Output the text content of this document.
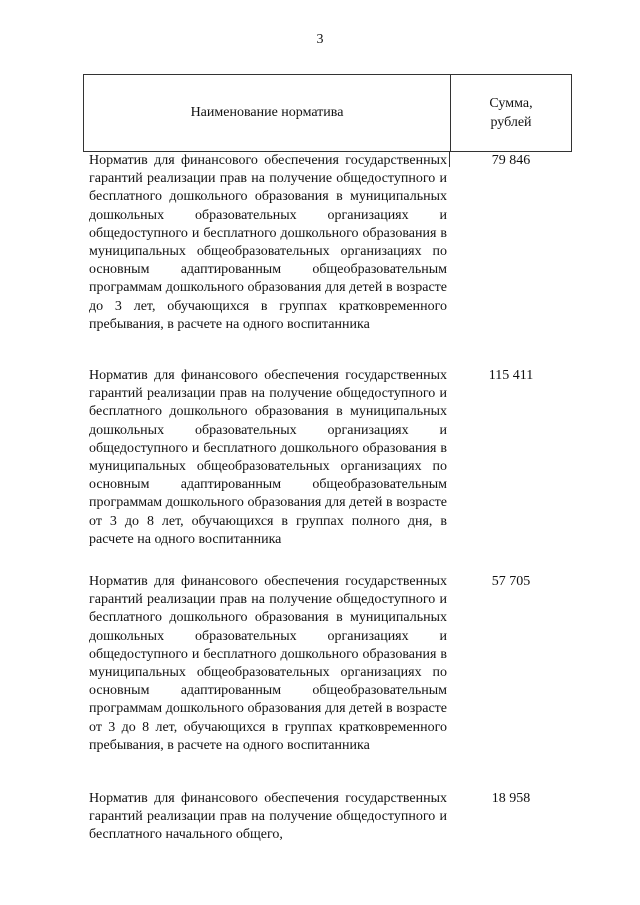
3
Наименование норматива
Сумма,
рублей
Норматив для финансового обеспечения государственных гарантий реализации прав на получение общедоступного и бесплатного дошкольного образования в муниципальных дошкольных образовательных организациях и общедоступного и бесплатного дошкольного образования в муниципальных общеобразовательных организациях по основным адаптированным общеобразовательным программам дошкольного образования для детей в возрасте до 3 лет, обучающихся в группах кратковременного пребывания, в расчете на одного воспитанника
79 846
Норматив для финансового обеспечения государственных гарантий реализации прав на получение общедоступного и бесплатного дошкольного образования в муниципальных дошкольных образовательных организациях и общедоступного и бесплатного дошкольного образования в муниципальных общеобразовательных организациях по основным адаптированным общеобразовательным программам дошкольного образования для детей в возрасте от 3 до 8 лет, обучающихся в группах полного дня, в расчете на одного воспитанника
115 411
Норматив для финансового обеспечения государственных гарантий реализации прав на получение общедоступного и бесплатного дошкольного образования в муниципальных дошкольных образовательных организациях и общедоступного и бесплатного дошкольного образования в муниципальных общеобразовательных организациях по основным адаптированным общеобразовательным программам дошкольного образования для детей в возрасте от 3 до 8 лет, обучающихся в группах кратковременного пребывания, в расчете на одного воспитанника
57 705
Норматив для финансового обеспечения государственных гарантий реализации прав на получение общедоступного и бесплатного начального общего,
18 958
